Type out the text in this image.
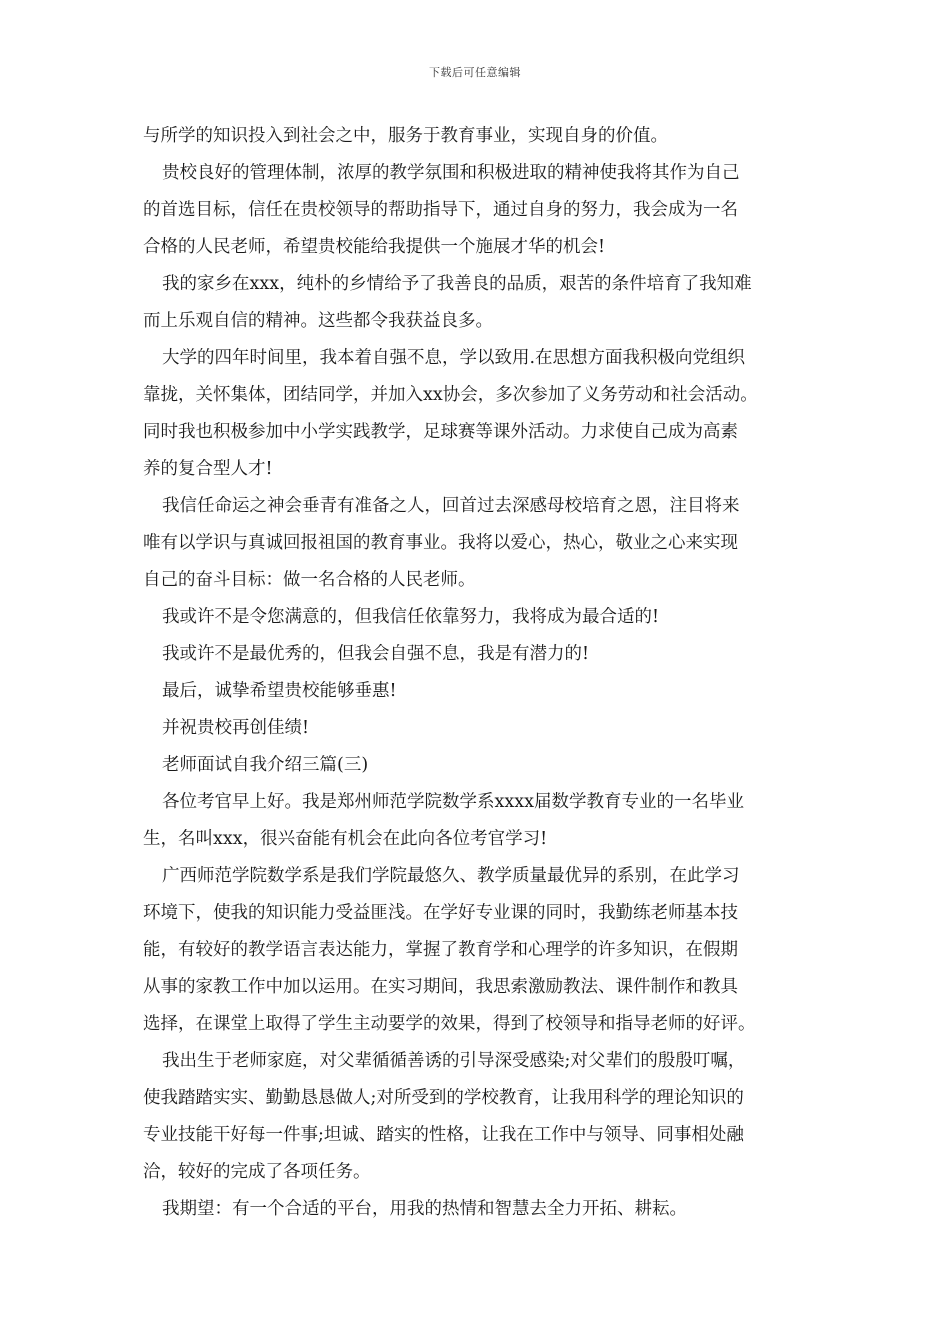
下载后可任意编辑
与所学的知识投入到社会之中，服务于教育事业，实现自身的价值。
贵校良好的管理体制，浓厚的教学氛围和积极进取的精神使我将其作为自己
的首选目标，信任在贵校领导的帮助指导下，通过自身的努力，我会成为一名
合格的人民老师，希望贵校能给我提供一个施展才华的机会!
我的家乡在xxx，纯朴的乡情给予了我善良的品质，艰苦的条件培育了我知难
而上乐观自信的精神。这些都令我获益良多。
大学的四年时间里，我本着自强不息，学以致用.在思想方面我积极向党组织
靠拢，关怀集体，团结同学，并加入xx协会，多次参加了义务劳动和社会活动。
同时我也积极参加中小学实践教学，足球赛等课外活动。力求使自己成为高素
养的复合型人才!
我信任命运之神会垂青有准备之人，回首过去深感母校培育之恩，注目将来
唯有以学识与真诚回报祖国的教育事业。我将以爱心，热心，敬业之心来实现
自己的奋斗目标：做一名合格的人民老师。
我或许不是令您满意的，但我信任依靠努力，我将成为最合适的!
我或许不是最优秀的，但我会自强不息，我是有潜力的!
最后，诚挚希望贵校能够垂惠!
并祝贵校再创佳绩!
老师面试自我介绍三篇(三)
各位考官早上好。我是郑州师范学院数学系xxxx届数学教育专业的一名毕业
生，名叫xxx，很兴奋能有机会在此向各位考官学习!
广西师范学院数学系是我们学院最悠久、教学质量最优异的系别，在此学习
环境下，使我的知识能力受益匪浅。在学好专业课的同时，我勤练老师基本技
能，有较好的教学语言表达能力，掌握了教育学和心理学的许多知识，在假期
从事的家教工作中加以运用。在实习期间，我思索激励教法、课件制作和教具
选择，在课堂上取得了学生主动要学的效果，得到了校领导和指导老师的好评。
我出生于老师家庭，对父辈循循善诱的引导深受感染;对父辈们的殷殷叮嘱，
使我踏踏实实、勤勤恳恳做人;对所受到的学校教育，让我用科学的理论知识的
专业技能干好每一件事;坦诚、踏实的性格，让我在工作中与领导、同事相处融
洽，较好的完成了各项任务。
我期望：有一个合适的平台，用我的热情和智慧去全力开拓、耕耘。
